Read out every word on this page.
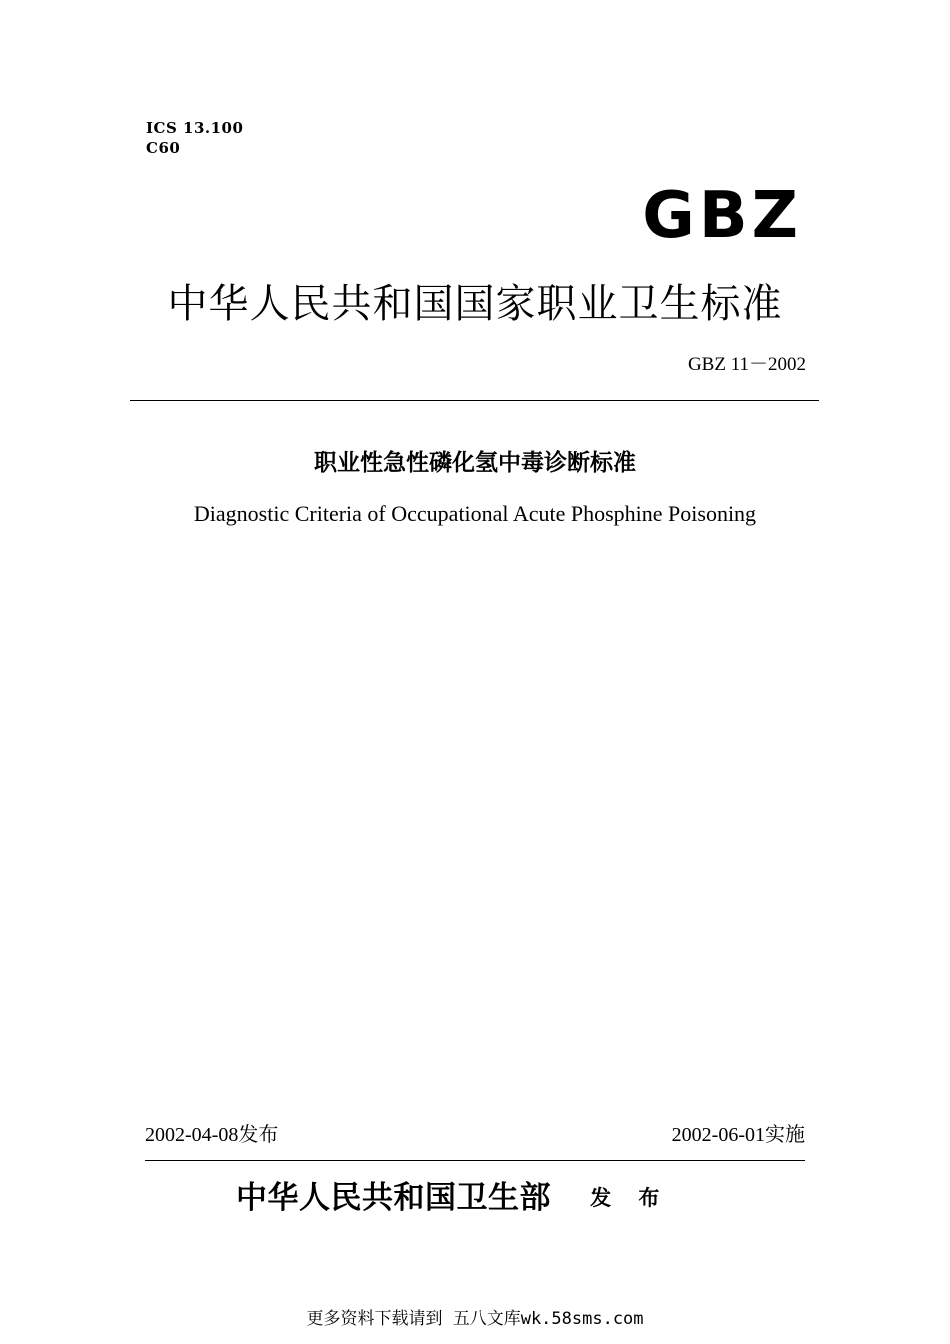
ICS 13.100
C60
GBZ
中华人民共和国国家职业卫生标准
GBZ 11－2002
职业性急性磷化氢中毒诊断标准
Diagnostic Criteria of Occupational Acute Phosphine Poisoning
2002-04-08发布	2002-06-01实施
中华人民共和国卫生部 发 布
更多资料下载请到 五八文库wk.58sms.com
